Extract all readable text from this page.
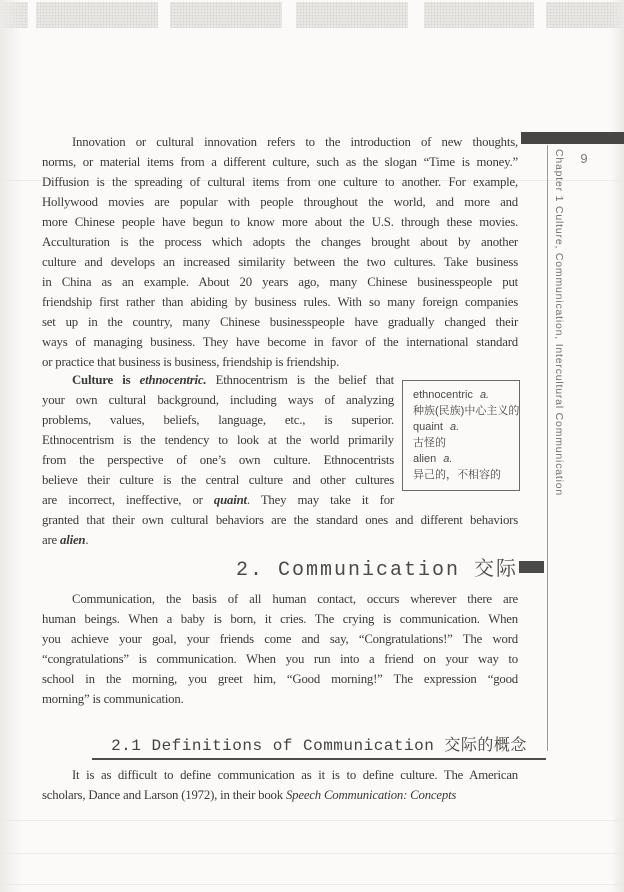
9
Chapter 1 Culture, Communication, Intercultural Communication
Innovation or cultural innovation refers to the introduction of new thoughts,
norms, or material items from a different culture, such as the slogan “Time is money.”
Diffusion is the spreading of cultural items from one culture to another. For example,
Hollywood movies are popular with people throughout the world, and more and
more Chinese people have begun to know more about the U.S. through these movies.
Acculturation is the process which adopts the changes brought about by another
culture and develops an increased similarity between the two cultures. Take business
in China as an example. About 20 years ago, many Chinese businesspeople put
friendship first rather than abiding by business rules. With so many foreign companies
set up in the country, many Chinese businesspeople have gradually changed their
ways of managing business. They have become in favor of the international standard
or practice that business is business, friendship is friendship.
Culture is ethnocentric. Ethnocentrism is the belief that
your own cultural background, including ways of analyzing
problems, values, beliefs, language, etc., is superior.
Ethnocentrism is the tendency to look at the world primarily
from the perspective of one’s own culture. Ethnocentrists
believe their culture is the central culture and other cultures
are incorrect, ineffective, or quaint. They may take it for
ethnocentric a.
种族(民族)中心主义的
quaint a.
古怪的
alien a.
异己的，不相容的
granted that their own cultural behaviors are the standard ones and different behaviors
are alien.
2. Communication 交际
Communication, the basis of all human contact, occurs wherever there are
human beings. When a baby is born, it cries. The crying is communication. When
you achieve your goal, your friends come and say, “Congratulations!” The word
“congratulations” is communication. When you run into a friend on your way to
school in the morning, you greet him, “Good morning!” The expression “good
morning” is communication.
2.1 Definitions of Communication 交际的概念
It is as difficult to define communication as it is to define culture. The American
scholars, Dance and Larson (1972), in their book Speech Communication: Concepts
